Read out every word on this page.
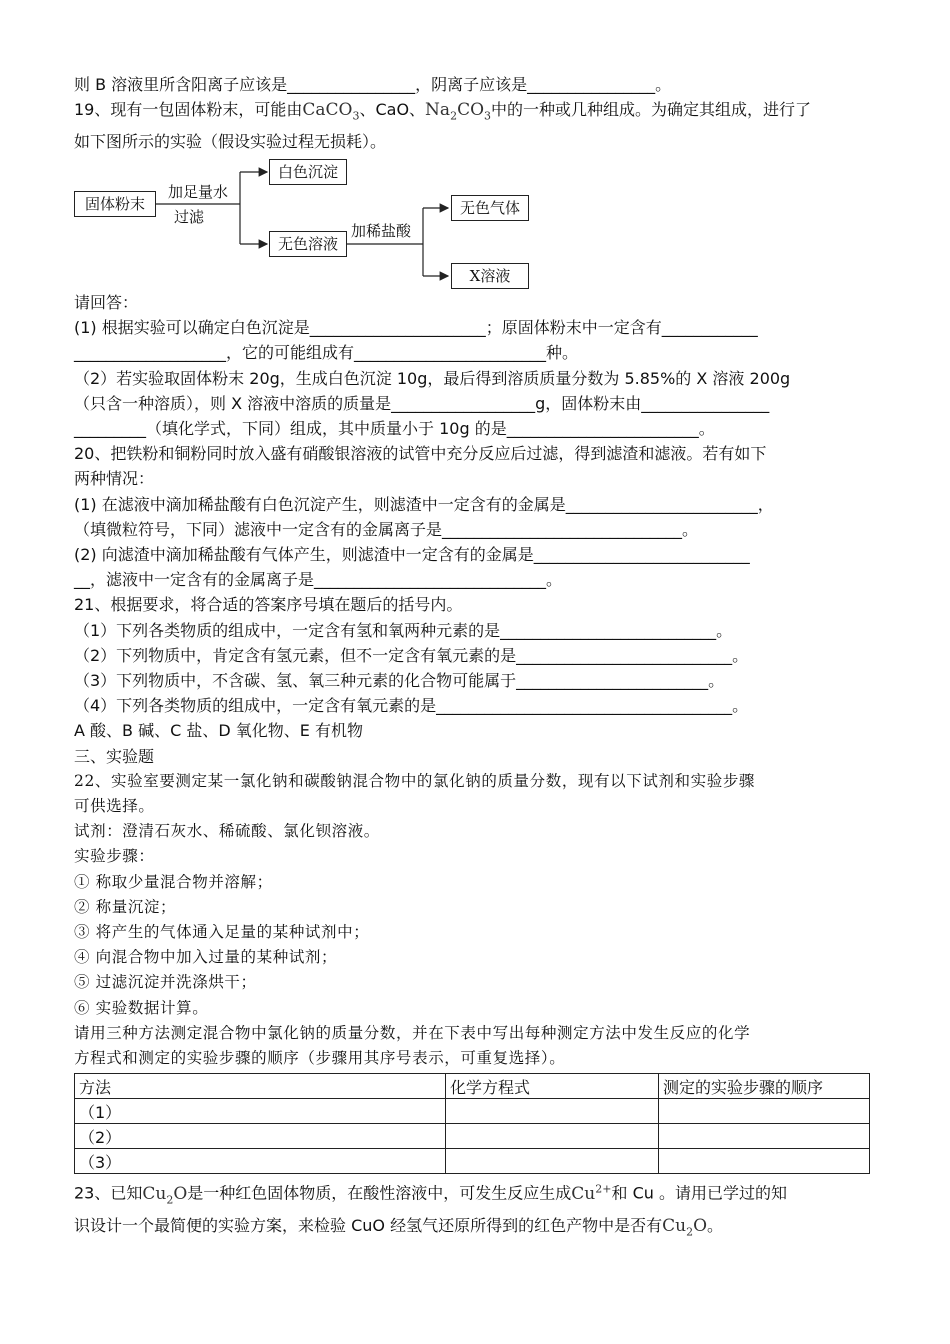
则 B 溶液里所含阳离子应该是________________，阴离子应该是________________。
19、现有一包固体粉末，可能由CaCO$_3$、CaO、$Na_2CO_3$中的一种或几种组成。为确定其组成，进行了
如下图所示的实验（假设实验过程无损耗）。
固体粉末
加足量水
过滤
白色沉淀
无色溶液
加稀盐酸
无色气体
X溶液
请回答：
(1) 根据实验可以确定白色沉淀是______________________；原固体粉末中一定含有____________
___________________，它的可能组成有________________________种。
（2）若实验取固体粉末 20g，生成白色沉淀 10g，最后得到溶质质量分数为 5.85%的 X 溶液 200g
（只含一种溶质），则 X 溶液中溶质的质量是__________________g，固体粉末由________________
_________（填化学式，下同）组成，其中质量小于 10g 的是________________________。
20、把铁粉和铜粉同时放入盛有硝酸银溶液的试管中充分反应后过滤，得到滤渣和滤液。若有如下
两种情况：
(1) 在滤液中滴加稀盐酸有白色沉淀产生，则滤渣中一定含有的金属是________________________，
（填微粒符号，下同）滤液中一定含有的金属离子是______________________________。
(2) 向滤渣中滴加稀盐酸有气体产生，则滤渣中一定含有的金属是___________________________
__，滤液中一定含有的金属离子是_____________________________。
21、根据要求，将合适的答案序号填在题后的括号内。
（1）下列各类物质的组成中，一定含有氢和氧两种元素的是___________________________。
（2）下列物质中，肯定含有氢元素，但不一定含有氧元素的是___________________________。
（3）下列物质中，不含碳、氢、氧三种元素的化合物可能属于________________________。
（4）下列各类物质的组成中，一定含有氧元素的是_____________________________________。
A 酸、B 碱、C 盐、D 氧化物、E 有机物
三、实验题
22、实验室要测定某一氯化钠和碳酸钠混合物中的氯化钠的质量分数，现有以下试剂和实验步骤
可供选择。
试剂：澄清石灰水、稀硫酸、氯化钡溶液。
实验步骤：
① 称取少量混合物并溶解；
② 称量沉淀；
③ 将产生的气体通入足量的某种试剂中；
④ 向混合物中加入过量的某种试剂；
⑤ 过滤沉淀并洗涤烘干；
⑥ 实验数据计算。
请用三种方法测定混合物中氯化钠的质量分数，并在下表中写出每种测定方法中发生反应的化学
方程式和测定的实验步骤的顺序（步骤用其序号表示，可重复选择）。
方法	化学方程式	测定的实验步骤的顺序
（1）		
（2）		
（3）		
23、已知$Cu_2O$是一种红色固体物质，在酸性溶液中，可发生反应生成$Cu^{2+}$和 Cu 。请用已学过的知
识设计一个最简便的实验方案，来检验 CuO 经氢气还原所得到的红色产物中是否有$Cu_2O$。
